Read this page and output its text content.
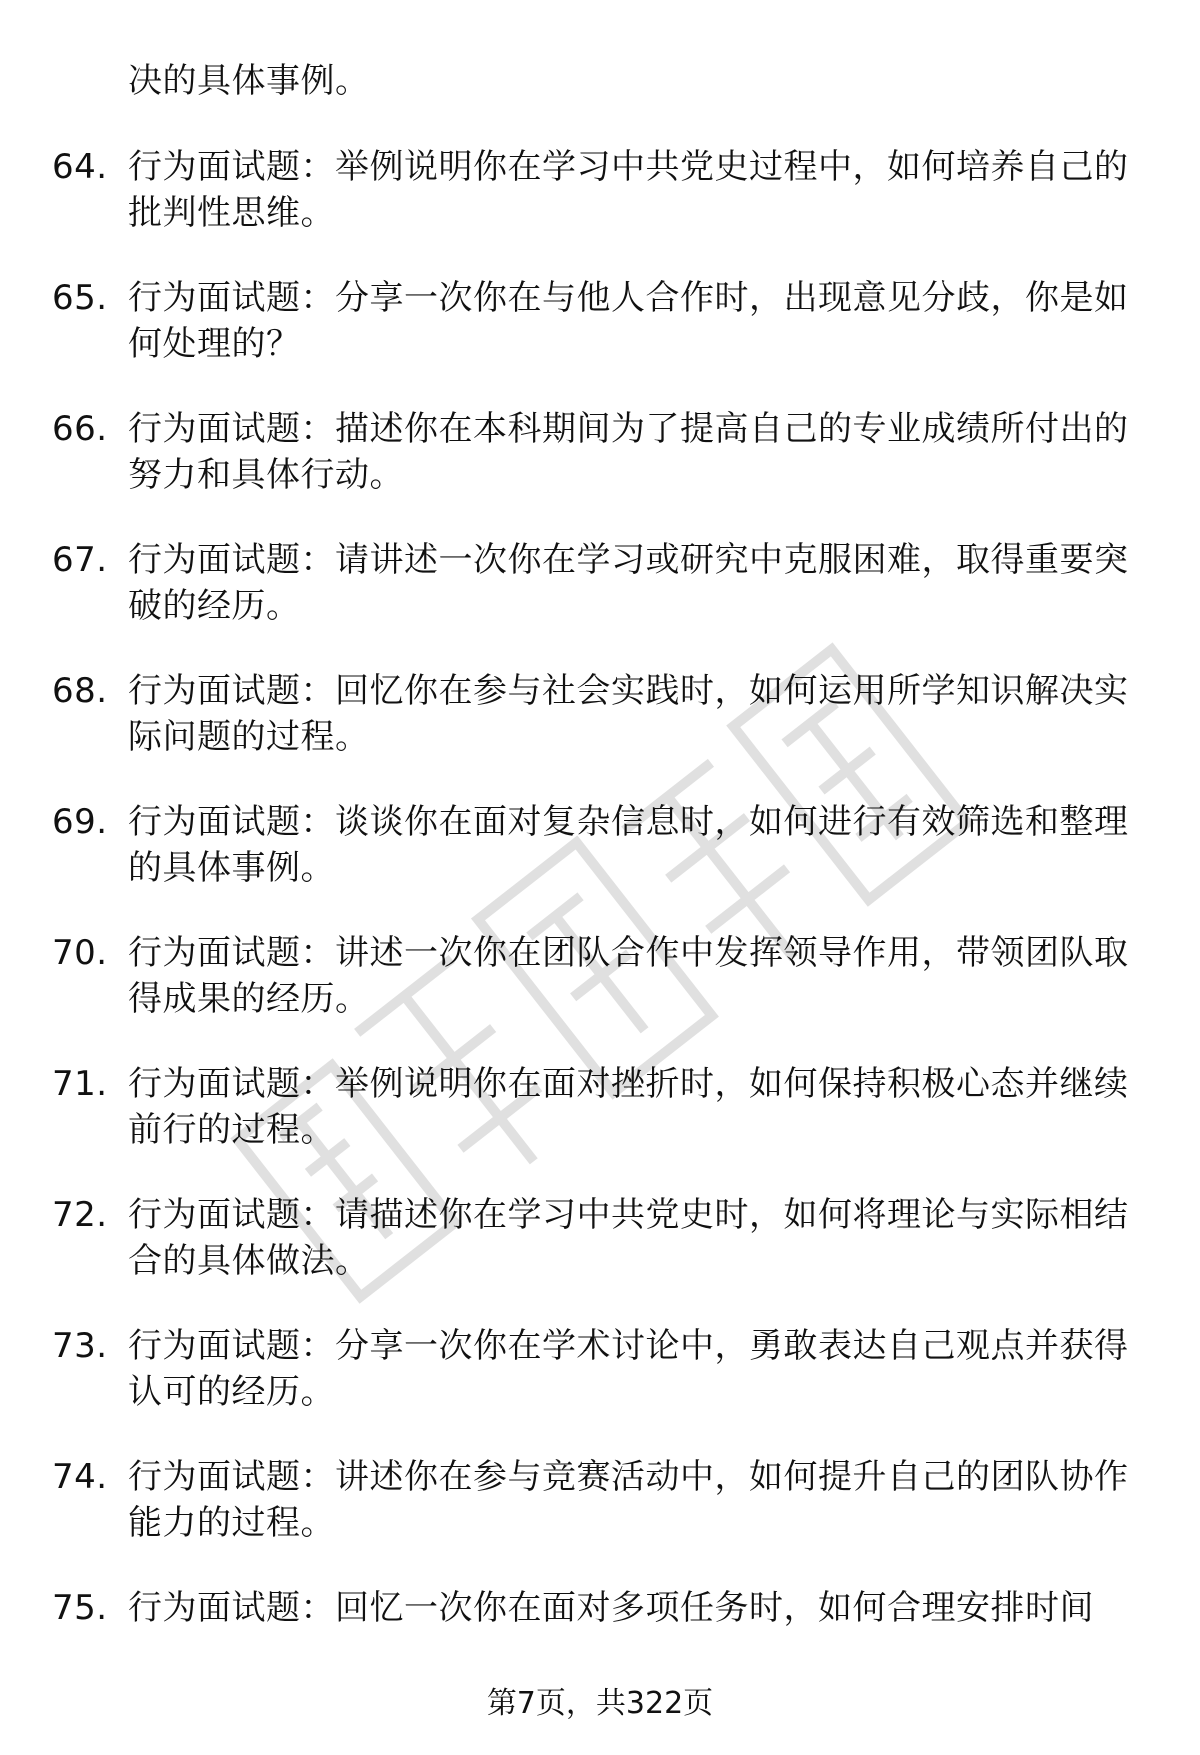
决的具体事例。
64. 行为面试题：举例说明你在学习中共党史过程中，如何培养自己的批判性思维。
65. 行为面试题：分享一次你在与他人合作时，出现意见分歧，你是如何处理的？
66. 行为面试题：描述你在本科期间为了提高自己的专业成绩所付出的努力和具体行动。
67. 行为面试题：请讲述一次你在学习或研究中克服困难，取得重要突破的经历。
68. 行为面试题：回忆你在参与社会实践时，如何运用所学知识解决实际问题的过程。
69. 行为面试题：谈谈你在面对复杂信息时，如何进行有效筛选和整理的具体事例。
70. 行为面试题：讲述一次你在团队合作中发挥领导作用，带领团队取得成果的经历。
71. 行为面试题：举例说明你在面对挫折时，如何保持积极心态并继续前行的过程。
72. 行为面试题：请描述你在学习中共党史时，如何将理论与实际相结合的具体做法。
73. 行为面试题：分享一次你在学术讨论中，勇敢表达自己观点并获得认可的经历。
74. 行为面试题：讲述你在参与竞赛活动中，如何提升自己的团队协作能力的过程。
75. 行为面试题：回忆一次你在面对多项任务时，如何合理安排时间
第7页，共322页
